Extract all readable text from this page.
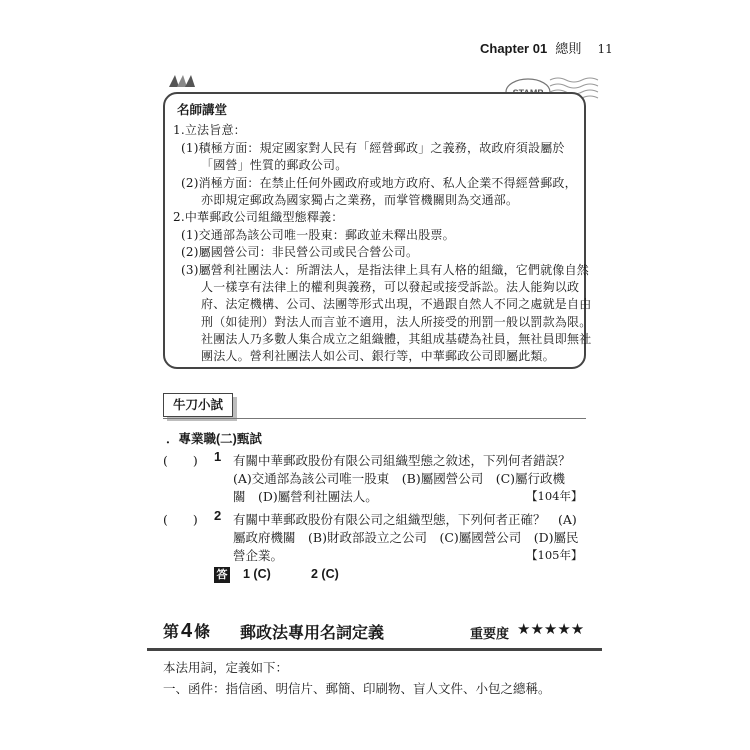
Chapter 01 總則 11
名師講堂
1.立法旨意：
(1)積極方面：規定國家對人民有「經營郵政」之義務，故政府須設屬於
「國營」性質的郵政公司。
(2)消極方面：在禁止任何外國政府或地方政府、私人企業不得經營郵政，
亦即規定郵政為國家獨占之業務，而掌管機關則為交通部。
2.中華郵政公司組織型態釋義：
(1)交通部為該公司唯一股東：郵政並未釋出股票。
(2)屬國營公司：非民營公司或民合營公司。
(3)屬營利社團法人：所謂法人，是指法律上具有人格的組織，它們就像自然
人一樣享有法律上的權利與義務，可以發起或接受訴訟。法人能夠以政
府、法定機構、公司、法團等形式出現，不過跟自然人不同之處就是自由
刑（如徒刑）對法人而言並不適用，法人所接受的刑罰一般以罰款為限。
社團法人乃多數人集合成立之組織體，其組成基礎為社員，無社員即無社
團法人。營利社團法人如公司、銀行等，中華郵政公司即屬此類。
牛刀小試
．專業職(二)甄試
(　　) 1 有關中華郵政股份有限公司組織型態之敘述，下列何者錯誤？
(A)交通部為該公司唯一股東　(B)屬國營公司　(C)屬行政機
關　(D)屬營利社團法人。	【104年】
(　　) 2 有關中華郵政股份有限公司之組織型態，下列何者正確？　(A)
屬政府機關　(B)財政部設立之公司　(C)屬國營公司　(D)屬民
營企業。	【105年】
答 1 (C)	2 (C)
第 4 條 郵政法專用名詞定義	重要度 ★★★★★
本法用詞，定義如下：
一、函件：指信函、明信片、郵簡、印刷物、盲人文件、小包之總稱。
